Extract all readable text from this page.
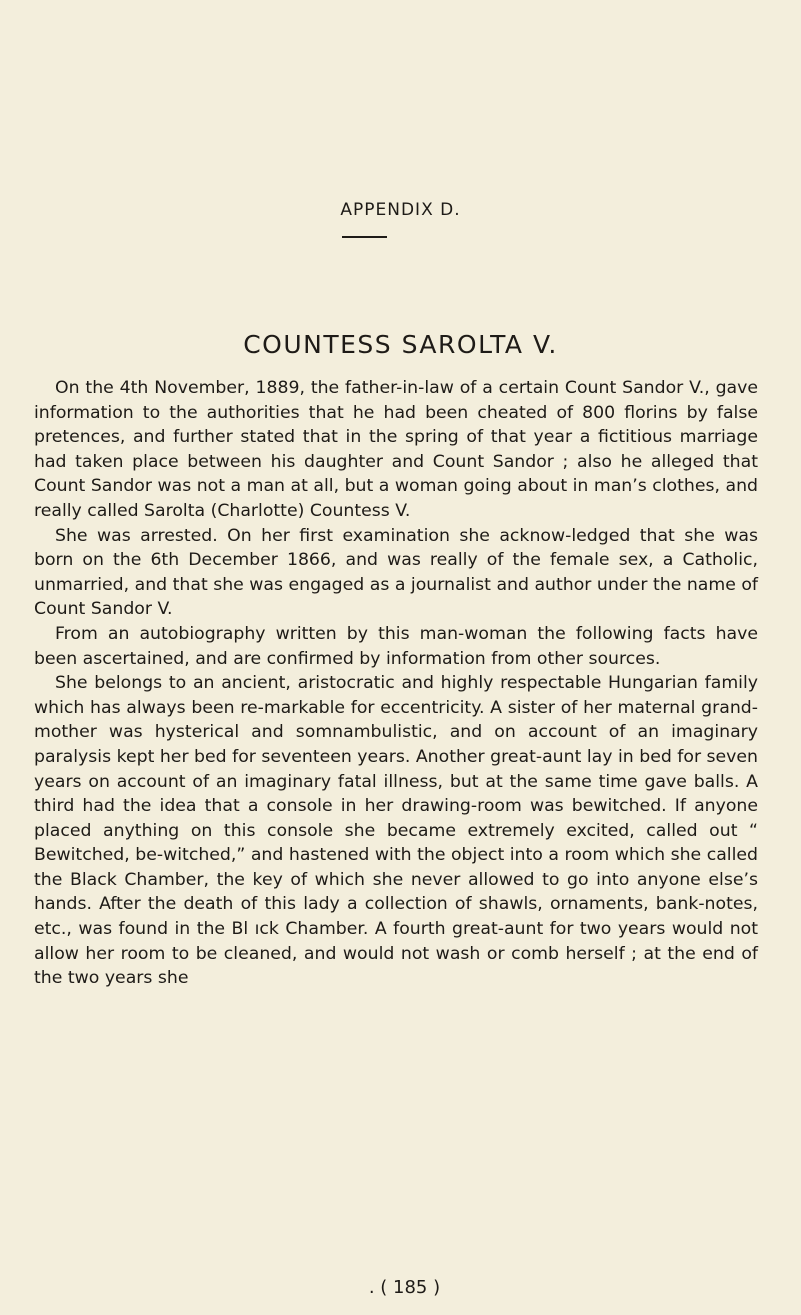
APPENDIX D.
COUNTESS SAROLTA V.

On the 4th November, 1889, the father-in-law of a certain Count Sandor V., gave information to the authorities that he had been cheated of 800 florins by false pretences, and further stated that in the spring of that year a fictitious marriage had taken place between his daughter and Count Sandor ; also he alleged that Count Sandor was not a man at all, but a woman going about in man’s clothes, and really called Sarolta (Charlotte) Countess V.

She was arrested. On her first examination she acknow-ledged that she was born on the 6th December 1866, and was really of the female sex, a Catholic, unmarried, and that she was engaged as a journalist and author under the name of Count Sandor V.

From an autobiography written by this man-woman the following facts have been ascertained, and are confirmed by information from other sources.

She belongs to an ancient, aristocratic and highly respectable Hungarian family which has always been re-markable for eccentricity. A sister of her maternal grand-mother was hysterical and somnambulistic, and on account of an imaginary paralysis kept her bed for seventeen years. Another great-aunt lay in bed for seven years on account of an imaginary fatal illness, but at the same time gave balls. A third had the idea that a console in her drawing-room was bewitched. If anyone placed anything on this console she became extremely excited, called out “ Bewitched, be-witched,” and hastened with the object into a room which she called the Black Chamber, the key of which she never allowed to go into anyone else’s hands. After the death of this lady a collection of shawls, ornaments, bank-notes, etc., was found in the Bl ıck Chamber. A fourth great-aunt for two years would not allow her room to be cleaned, and would not wash or comb herself ; at the end of the two years she

. ( 185 )
